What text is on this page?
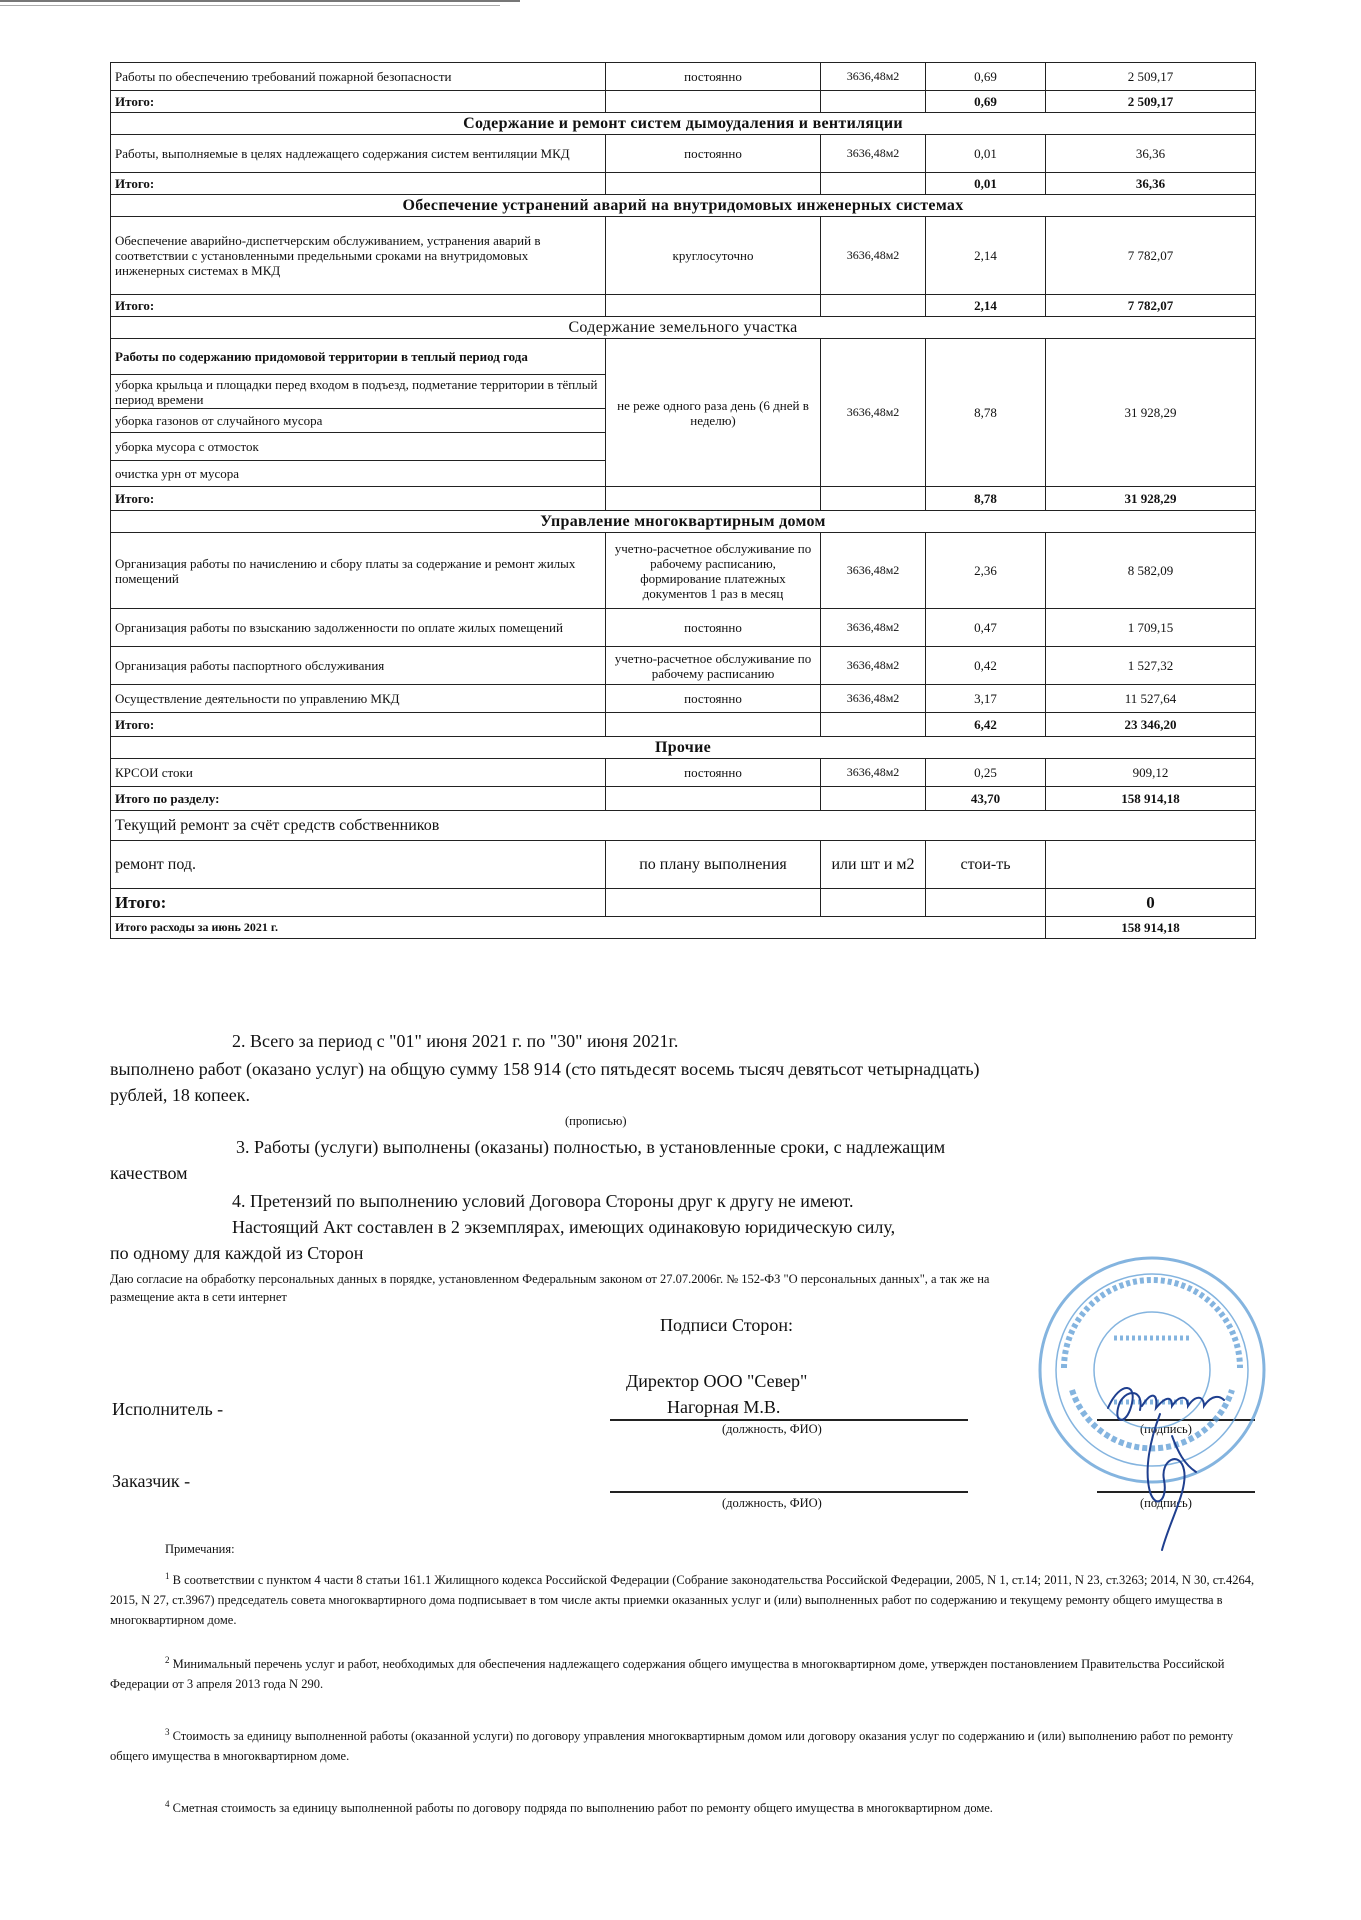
Работы по обеспечению требований пожарной безопасности	постоянно	3636,48м2	0,69	2 509,17
Итого:			0,69	2 509,17
Содержание и ремонт систем дымоудаления и вентиляции				
Работы, выполняемые в целях надлежащего содержания систем вентиляции МКД	постоянно	3636,48м2	0,01	36,36
Итого:			0,01	36,36
Обеспечение устранений аварий на внутридомовых инженерных системах				
Обеспечение аварийно-диспетчерским обслуживанием, устранения аварий в соответствии с установленными предельными сроками на внутридомовых инженерных системах в МКД	круглосуточно	3636,48м2	2,14	7 782,07
Итого:			2,14	7 782,07
Содержание земельного участка				
Работы по содержанию придомовой территории в теплый период года	не реже одного раза день (6 дней в неделю)	3636,48м2	8,78	31 928,29
уборка крыльца и площадки перед входом в подъезд, подметание территории в тёплый период времени				
уборка газонов от случайного мусора				
уборка мусора с отмосток				
очистка урн от мусора				
Итого:			8,78	31 928,29
Управление многоквартирным домом				
Организация работы по начислению и сбору платы за содержание и ремонт жилых помещений	учетно-расчетное обслуживание по рабочему расписанию, формирование платежных документов 1 раз в месяц	3636,48м2	2,36	8 582,09
Организация работы по взысканию задолженности по оплате жилых помещений	постоянно	3636,48м2	0,47	1 709,15
Организация работы паспортного обслуживания	учетно-расчетное обслуживание по рабочему расписанию	3636,48м2	0,42	1 527,32
Осуществление деятельности по управлению МКД	постоянно	3636,48м2	3,17	11 527,64
Итого:			6,42	23 346,20
Прочие				
КРСОИ стоки	постоянно	3636,48м2	0,25	909,12
Итого по разделу:			43,70	158 914,18
Текущий ремонт за счёт средств собственников				
ремонт под.	по плану выполнения	или шт и м2	стои-ть	
Итого:				0
Итого расходы за июнь 2021 г.				158 914,18
2. Всего за период с "01" июня 2021 г. по "30" июня 2021г.
выполнено работ (оказано услуг) на общую сумму 158 914 (сто пятьдесят восемь тысяч девятьсот четырнадцать)
рублей, 18 копеек.
(прописью)
3. Работы (услуги) выполнены (оказаны) полностью, в установленные сроки, с надлежащим
качеством
4. Претензий по выполнению условий Договора Стороны друг к другу не имеют.
Настоящий Акт составлен в 2 экземплярах, имеющих одинаковую юридическую силу,
по одному для каждой из Сторон
Даю согласие на обработку персональных данных в порядке, установленном Федеральным законом от 27.07.2006г. № 152-ФЗ "О персональных данных", а так же на
размещение акта в сети интернет
Подписи Сторон:
Директор ООО "Север"
Нагорная М.В.
Исполнитель -
(должность, ФИО)	(подпись)
Заказчик -
(должность, ФИО)	(подпись)
Примечания:
$^1$ В соответствии с пунктом 4 части 8 статьи 161.1 Жилищного кодекса Российской Федерации (Собрание законодательства Российской Федерации, 2005, N 1, ст.14; 2011, N 23, ст.3263; 2014, N 30, ст.4264, 2015, N 27, ст.3967) председатель совета многоквартирного дома подписывает в том числе акты приемки оказанных услуг и (или) выполненных работ по содержанию и текущему ремонту общего имущества в многоквартирном доме.
$^2$ Минимальный перечень услуг и работ, необходимых для обеспечения надлежащего содержания общего имущества в многоквартирном доме, утвержден постановлением Правительства Российской Федерации от 3 апреля 2013 года N 290.
$^3$ Стоимость за единицу выполненной работы (оказанной услуги) по договору управления многоквартирным домом или договору оказания услуг по содержанию и (или) выполнению работ по ремонту общего имущества в многоквартирном доме.
$^4$ Сметная стоимость за единицу выполненной работы по договору подряда по выполнению работ по ремонту общего имущества в многоквартирном доме.
